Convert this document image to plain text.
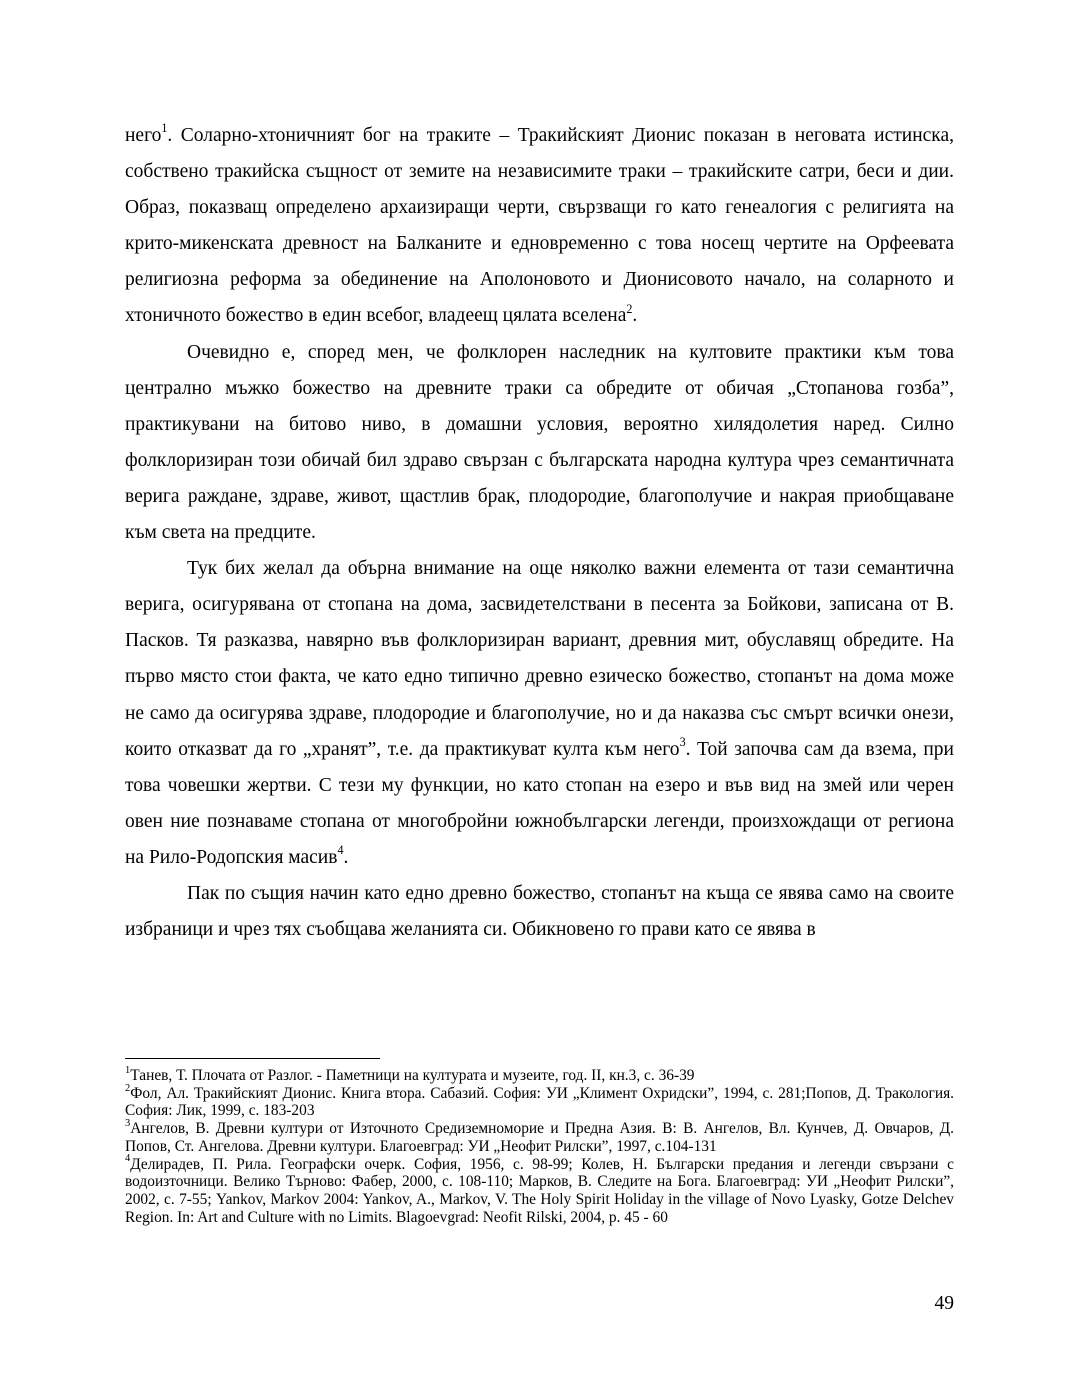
него$^1$. Соларно-хтоничният бог на траките – Тракийският Дионис показан в неговата истинска, собствено тракийска същност от земите на независимите траки – тракийските сатри, беси и дии. Образ, показващ определено архаизиращи черти, свързващи го като генеалогия с религията на крито-микенската древност на Балканите и едновременно с това носещ чертите на Орфеевата религиозна реформа за обединение на Аполоновото и Дионисовото начало, на соларното и хтоничното божество в един всебог, владеещ цялата вселена$^2$.

Очевидно е, според мен, че фолклорен наследник на култовите практики към това централно мъжко божество на древните траки са обредите от обичая „Стопанова гозба”, практикувани на битово ниво, в домашни условия, вероятно хилядолетия наред. Силно фолклоризиран този обичай бил здраво свързан с българската народна култура чрез семантичната верига раждане, здраве, живот, щастлив брак, плодородие, благополучие и накрая приобщаване към света на предците.

Тук бих желал да обърна внимание на още няколко важни елемента от тази семантична верига, осигурявана от стопана на дома, засвидетелствани в песента за Бойкови, записана от В. Пасков. Тя разказва, навярно във фолклоризиран вариант, древния мит, обуславящ обредите. На първо място стои факта, че като едно типично древно езическо божество, стопанът на дома може не само да осигурява здраве, плодородие и благополучие, но и да наказва със смърт всички онези, които отказват да го „хранят”, т.е. да практикуват култа към него$^3$. Той започва сам да взема, при това човешки жертви. С тези му функции, но като стопан на езеро и във вид на змей или черен овен ние познаваме стопана от многобройни южнобългарски легенди, произхождащи от региона на Рило-Родопския масив$^4$.

Пак по същия начин като едно древно божество, стопанът на къща се явява само на своите избраници и чрез тях съобщава желанията си. Обикновено го прави като се явява в

$^1$Танев, Т. Плочата от Разлог. - Паметници на културата и музеите, год. II, кн.3, с. 36-39

$^2$Фол, Ал. Тракийският Дионис. Книга втора. Сабазий. София: УИ „Климент Охридски”, 1994, с. 281;Попов, Д. Тракология. София: Лик, 1999, с. 183-203

$^3$Ангелов, В. Древни култури от Източното Средиземноморие и Предна Азия. В: В. Ангелов, Вл. Кунчев, Д. Овчаров, Д. Попов, Ст. Ангелова. Древни култури. Благоевград: УИ „Неофит Рилски”, 1997, с.104-131

$^4$Делирадев, П. Рила. Географски очерк. София, 1956, с. 98-99; Колев, Н. Български предания и легенди свързани с водоизточници. Велико Търново: Фабер, 2000, с. 108-110; Марков, В. Следите на Бога. Благоевград: УИ „Неофит Рилски”, 2002, с. 7-55; Yankov, Markov 2004: Yankov, A., Markov, V. The Holy Spirit Holiday in the village of Novo Lyasky, Gotze Delchev Region. In: Art and Culture with no Limits. Blagoevgrad: Neofit Rilski, 2004, p. 45 - 60

49
